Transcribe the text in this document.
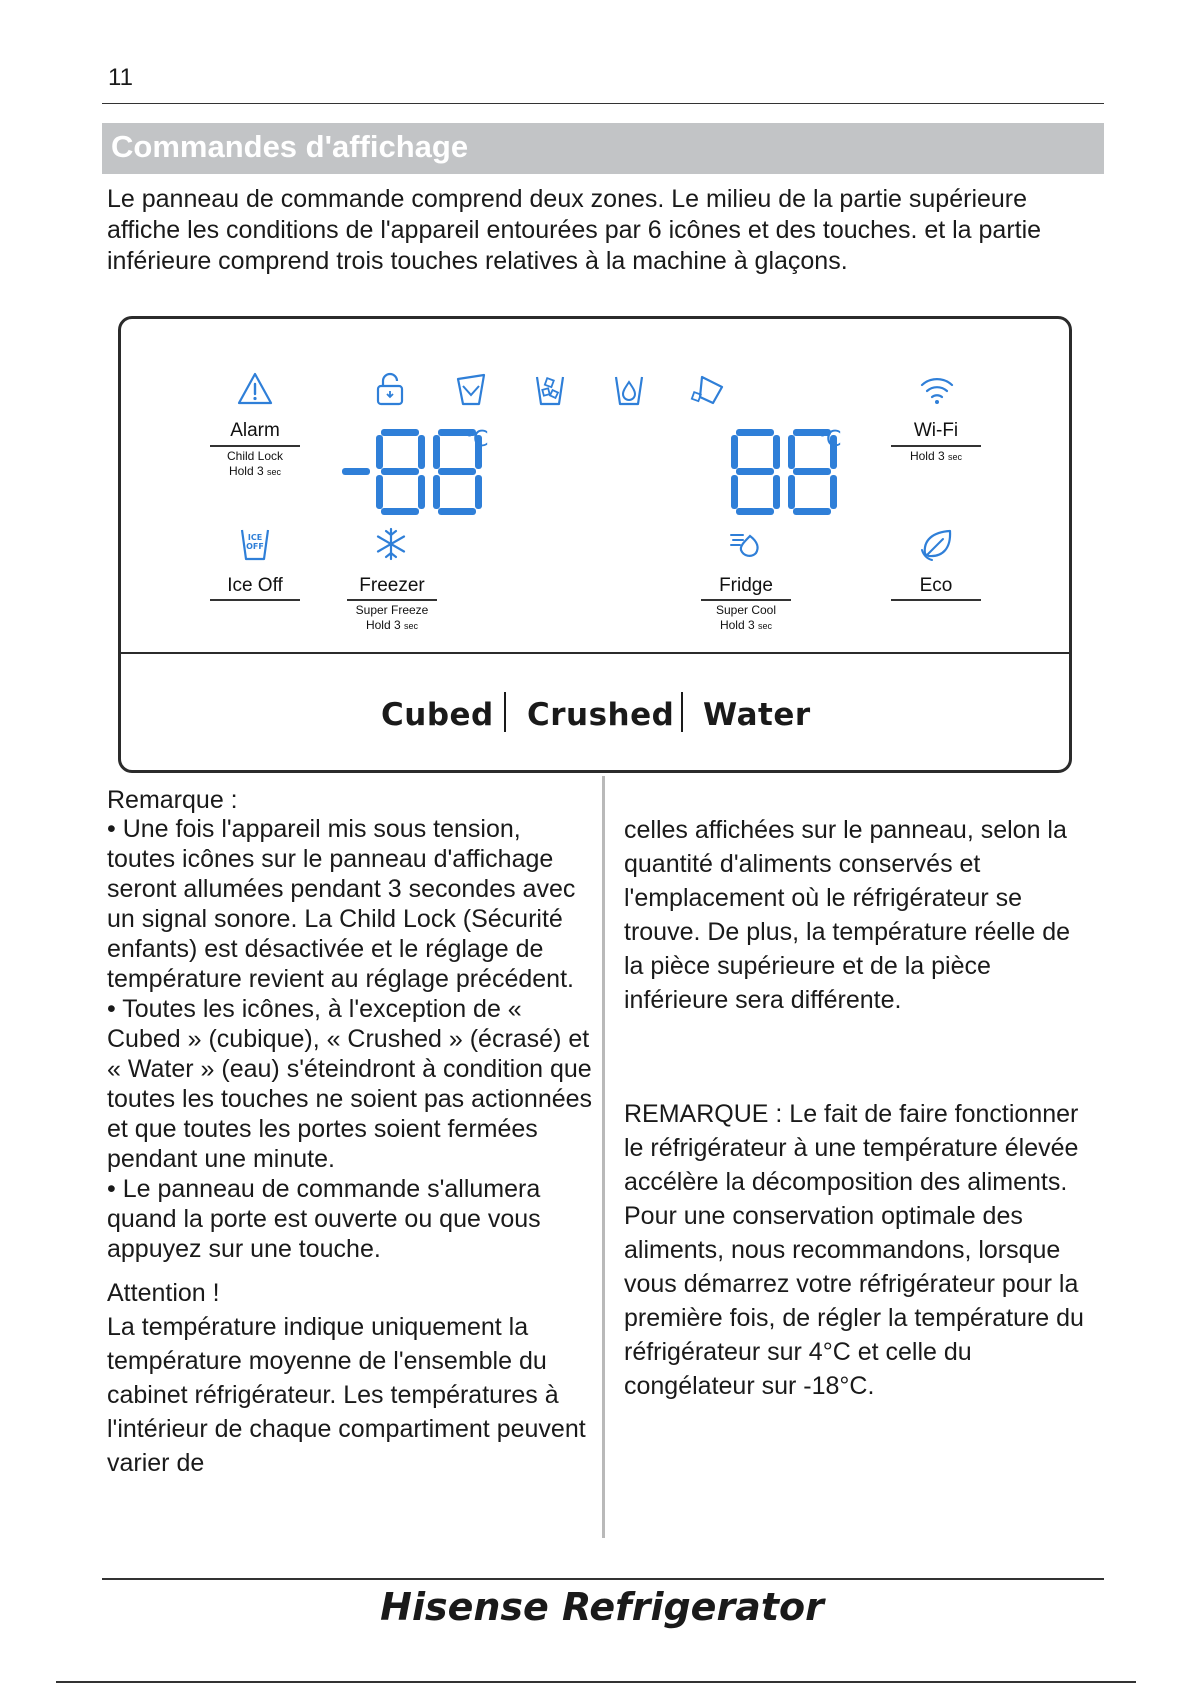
11
Commandes d'affichage

Le panneau de commande comprend deux zones. Le milieu de la partie supérieure affiche les conditions de l'appareil entourées par 6 icônes et des touches. et la partie inférieure comprend trois touches relatives à la machine à glaçons.

Alarm
Child Lock
Hold 3 sec
Wi-Fi
Hold 3 sec
℃	℃
ICE
OFF
Ice Off	Freezer
Super Freeze
Hold 3 sec
Fridge
Super Cool
Hold 3 sec
Eco
Cubed Crushed Water

Remarque :

• Une fois l'appareil mis sous tension, toutes icônes sur le panneau d'affichage seront allumées pendant 3 secondes avec un signal sonore. La Child Lock (Sécurité enfants) est désactivée et le réglage de température revient au réglage précédent.

• Toutes les icônes, à l'exception de « Cubed » (cubique), « Crushed » (écrasé) et « Water » (eau) s'éteindront à condition que toutes les touches ne soient pas actionnées et que toutes les portes soient fermées pendant une minute.

• Le panneau de commande s'allumera quand la porte est ouverte ou que vous appuyez sur une touche.

Attention !

La température indique uniquement la température moyenne de l'ensemble du cabinet réfrigérateur. Les températures à l'intérieur de chaque compartiment peuvent varier de

celles affichées sur le panneau, selon la quantité d'aliments conservés et l'emplacement où le réfrigérateur se trouve. De plus, la température réelle de la pièce supérieure et de la pièce inférieure sera différente.

REMARQUE : Le fait de faire fonctionner le réfrigérateur à une température élevée accélère la décomposition des aliments. Pour une conservation optimale des aliments, nous recommandons, lorsque vous démarrez votre réfrigérateur pour la première fois, de régler la température du réfrigérateur sur 4°C et celle du congélateur sur -18°C.

Hisense Refrigerator
